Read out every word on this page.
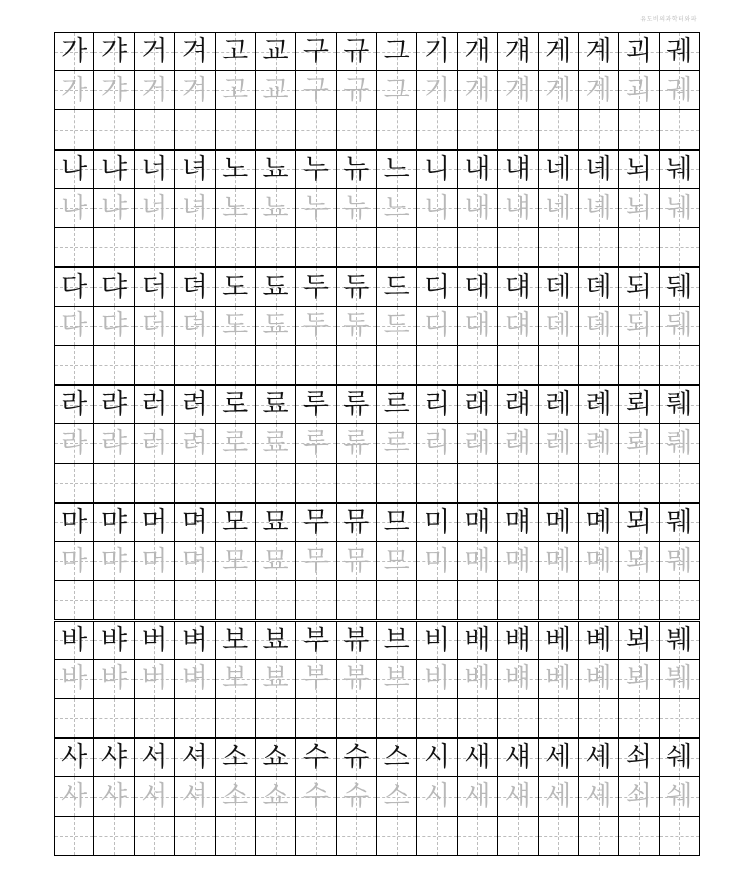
유도비의과학터와파
가 갸 거 겨 고 교 구 규 그 기 개 걔 게 계 괴 궤
가 갸 거 겨 고 교 구 규 그 기 개 걔 게 계 괴 궤
나 냐 너 녀 노 뇨 누 뉴 느 니 내 냬 네 녜 뇌 눼
나 냐 너 녀 노 뇨 누 뉴 느 니 내 냬 네 녜 뇌 눼
다 댜 더 뎌 도 됴 두 듀 드 디 대 댸 데 뎨 되 뒈
다 댜 더 뎌 도 됴 두 듀 드 디 대 댸 데 뎨 되 뒈
라 랴 러 려 로 료 루 류 르 리 래 럐 레 례 뢰 뤠
라 랴 러 려 로 료 루 류 르 리 래 럐 레 례 뢰 뤠
마 먀 머 며 모 묘 무 뮤 므 미 매 먜 메 몌 뫼 뭬
마 먀 머 며 모 묘 무 뮤 므 미 매 먜 메 몌 뫼 뭬
바 뱌 버 벼 보 뵤 부 뷰 브 비 배 뱨 베 볘 뵈 붸
바 뱌 버 벼 보 뵤 부 뷰 브 비 배 뱨 베 볘 뵈 붸
사 샤 서 셔 소 쇼 수 슈 스 시 새 섀 세 셰 쇠 쉐
사 샤 서 셔 소 쇼 수 슈 스 시 새 섀 세 셰 쇠 쉐
